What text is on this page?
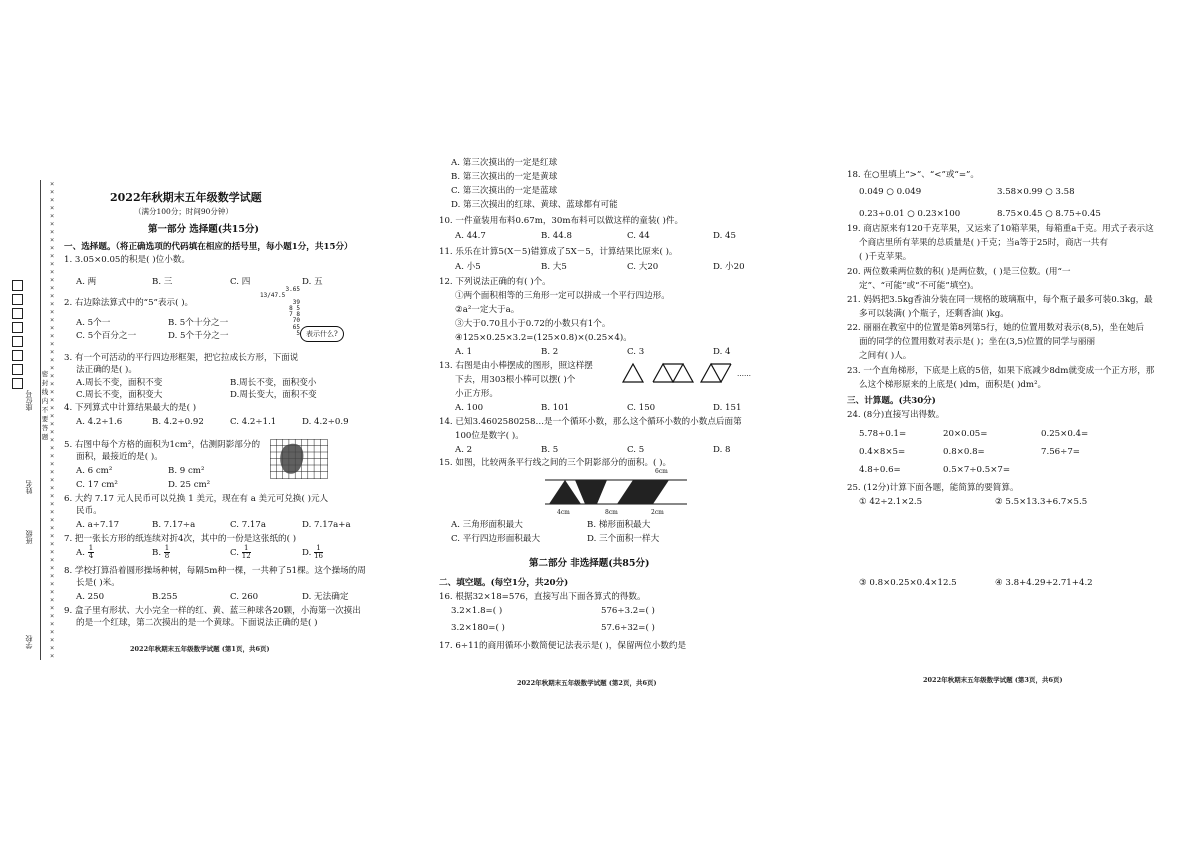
学校
班级
姓名
座位号
密 封 线 内 不 要 答 题
××××××××××××××××××××××××××××××××××××××××××××××××××××××××××××
2022年秋期末五年级数学试题
（满分100分；时间90分钟）
第一部分 选择题(共15分)
一、选择题。（将正确选项的代码填在相应的括号里，每小题1分，共15分）
1. 3.05×0.05的积是( )位小数。
A. 两	B. 三	C. 四	D. 五
2. 右边除法算式中的“5”表示( )。
3.65
13/47.5
39
8 5
7 8
70
65
5 表示什么?
A. 5个一	B. 5个十分之一
C. 5个百分之一	D. 5个千分之一
3. 有一个可活动的平行四边形框架，把它拉成长方形，下面说
法正确的是( )。
A.周长不变，面积不变	B.周长不变，面积变小
C.周长不变，面积变大	D.周长变大，面积不变
4. 下列算式中计算结果最大的是( )
A. 4.2÷1.6	B. 4.2÷0.92	C. 4.2÷1.1	D. 4.2÷0.9
5. 右图中每个方格的面积为1cm²，估测阴影部分的
面积，最接近的是( )。
A. 6 cm²	B. 9 cm²
C. 17 cm²	D. 25 cm²
6. 大约 7.17 元人民币可以兑换 1 美元，现在有 a 美元可兑换( )元人
民币。
A. a÷7.17	B. 7.17÷a	C. 7.17a	D. 7.17a+a
7. 把一张长方形的纸连续对折4次，其中的一份是这张纸的( )
A. $\frac{1}{4}$	B. $\frac{1}{8}$	C. $\frac{1}{12}$	D. $\frac{1}{16}$
8. 学校打算沿着圆形操场种树，每隔5m种一棵，一共种了51棵。这个操场的周
长是( )米。
A. 250	B.255	C. 260	D. 无法确定
9. 盒子里有形状、大小完全一样的红、黄、蓝三种球各20颗，小海第一次摸出
的是一个红球，第二次摸出的是一个黄球。下面说法正确的是( )
2022年秋期末五年级数学试题 (第1页，共6页)
A. 第三次摸出的一定是红球
B. 第三次摸出的一定是黄球
C. 第三次摸出的一定是蓝球
D. 第三次摸出的红球、黄球、蓝球都有可能
10. 一件童装用布料0.67m，30m布料可以做这样的童装( )件。
A. 44.7	B. 44.8	C. 44	D. 45
11. 乐乐在计算5(X－5)错算成了5X－5，计算结果比原来( )。
A. 小5	B. 大5	C. 大20	D. 小20
12. 下列说法正确的有( )个。
①两个面积相等的三角形一定可以拼成一个平行四边形。
②a²一定大于a。
③大于0.70且小于0.72的小数只有1个。
④125×0.25×3.2=(125×0.8)×(0.25×4)。
A. 1	B. 2	C. 3	D. 4
13. 右图是由小棒摆成的图形，照这样摆
下去，用303根小棒可以摆( )个
小正方形。
……
A. 100	B. 101	C. 150	D. 151
14. 已知3.4602580258…是一个循环小数，那么这个循环小数的小数点后面第
100位是数字( )。
A. 2	B. 5	C. 5	D. 8
15. 如图，比较两条平行线之间的三个阴影部分的面积。( )。
6cm
4cm	8cm	2cm
A. 三角形面积最大	B. 梯形面积最大
C. 平行四边形面积最大	D. 三个面积一样大
第二部分 非选择题(共85分)
二、填空题。(每空1分，共20分)
16. 根据32×18=576，直接写出下面各算式的得数。
3.2×1.8=( )	576÷3.2=( )
3.2×180=( )	57.6÷32=( )
17. 6÷11的商用循环小数简便记法表示是( )，保留两位小数约是
2022年秋期末五年级数学试题 (第2页，共6页)
18. 在○里填上“>”、“<”或“=”。
0.049 ○ 0.049	3.58×0.99 ○ 3.58
0.23÷0.01 ○ 0.23×100	8.75×0.45 ○ 8.75÷0.45
19. 商店原来有120千克苹果，又运来了10箱苹果，每箱重a千克。用式子表示这
个商店里所有苹果的总质量是( )千克；当a等于25时，商店一共有
( )千克苹果。
20. 两位数乘两位数的积( )是两位数，( )是三位数。(用“一
定”、“可能”或“不可能”填空)。
21. 妈妈把3.5kg香油分装在同一规格的玻璃瓶中，每个瓶子最多可装0.3kg，最
多可以装满( )个瓶子，还剩香油( )kg。
22. 丽丽在教室中的位置是第8列第5行，她的位置用数对表示(8,5)，坐在她后
面的同学的位置用数对表示是( )；坐在(3,5)位置的同学与丽丽
之间有( )人。
23. 一个直角梯形，下底是上底的5倍，如果下底减少8dm就变成一个正方形，那
么这个梯形原来的上底是( )dm，面积是( )dm²。
三、计算题。(共30分)
24. (8分)直接写出得数。
5.78÷0.1=	20×0.05=	0.25×0.4=
0.4×8×5=	0.8×0.8=	7.56÷7=
4.8÷0.6=	0.5×7÷0.5×7=
25. (12分)计算下面各题，能简算的要简算。
① 42÷2.1×2.5	② 5.5×13.3+6.7×5.5
③ 0.8×0.25×0.4×12.5	④ 3.8+4.29+2.71+4.2
2022年秋期末五年级数学试题 (第3页，共6页)
